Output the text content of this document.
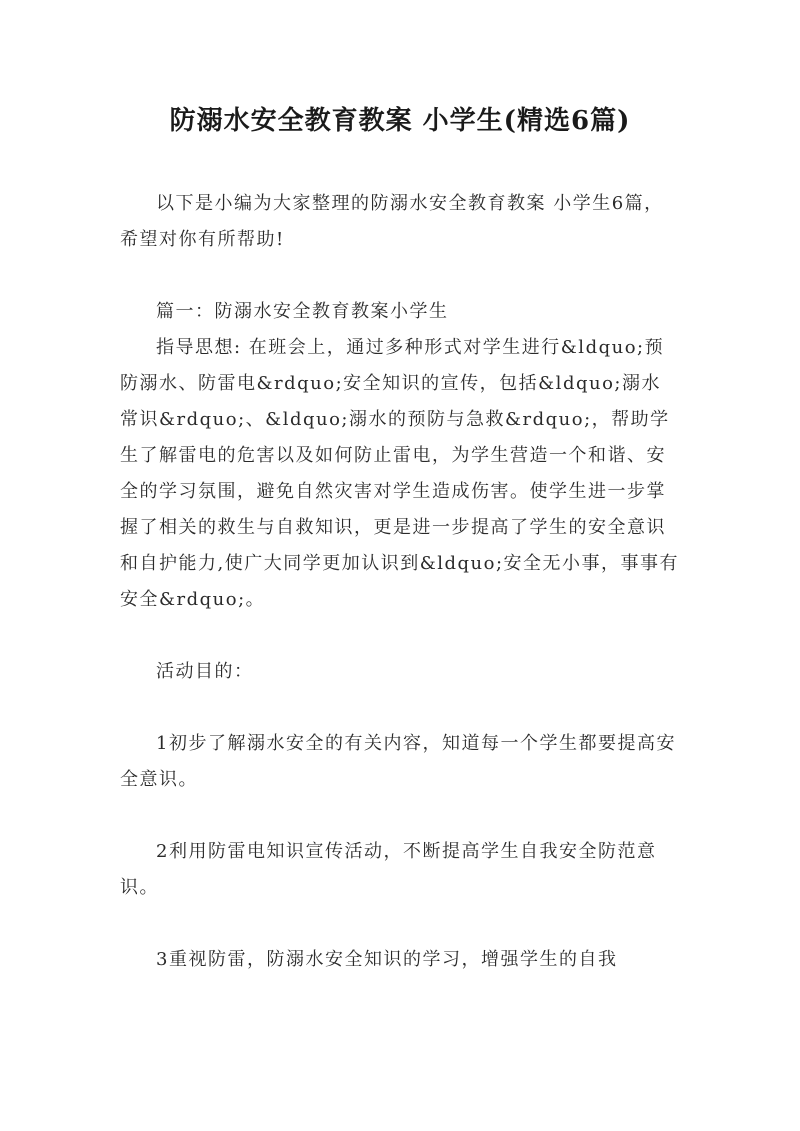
防溺水安全教育教案 小学生(精选6篇)

以下是小编为大家整理的防溺水安全教育教案 小学生6篇，希望对你有所帮助!

篇一：防溺水安全教育教案小学生

指导思想: 在班会上，通过多种形式对学生进行&ldquo;预防溺水、防雷电&rdquo;安全知识的宣传，包括&ldquo;溺水常识&rdquo;、&ldquo;溺水的预防与急救&rdquo;，帮助学生了解雷电的危害以及如何防止雷电，为学生营造一个和谐、安全的学习氛围，避免自然灾害对学生造成伤害。使学生进一步掌握了相关的救生与自救知识，更是进一步提高了学生的安全意识和自护能力,使广大同学更加认识到&ldquo;安全无小事，事事有安全&rdquo;。

活动目的：

1初步了解溺水安全的有关内容，知道每一个学生都要提高安全意识。

2利用防雷电知识宣传活动，不断提高学生自我安全防范意识。

3重视防雷，防溺水安全知识的学习，增强学生的自我
